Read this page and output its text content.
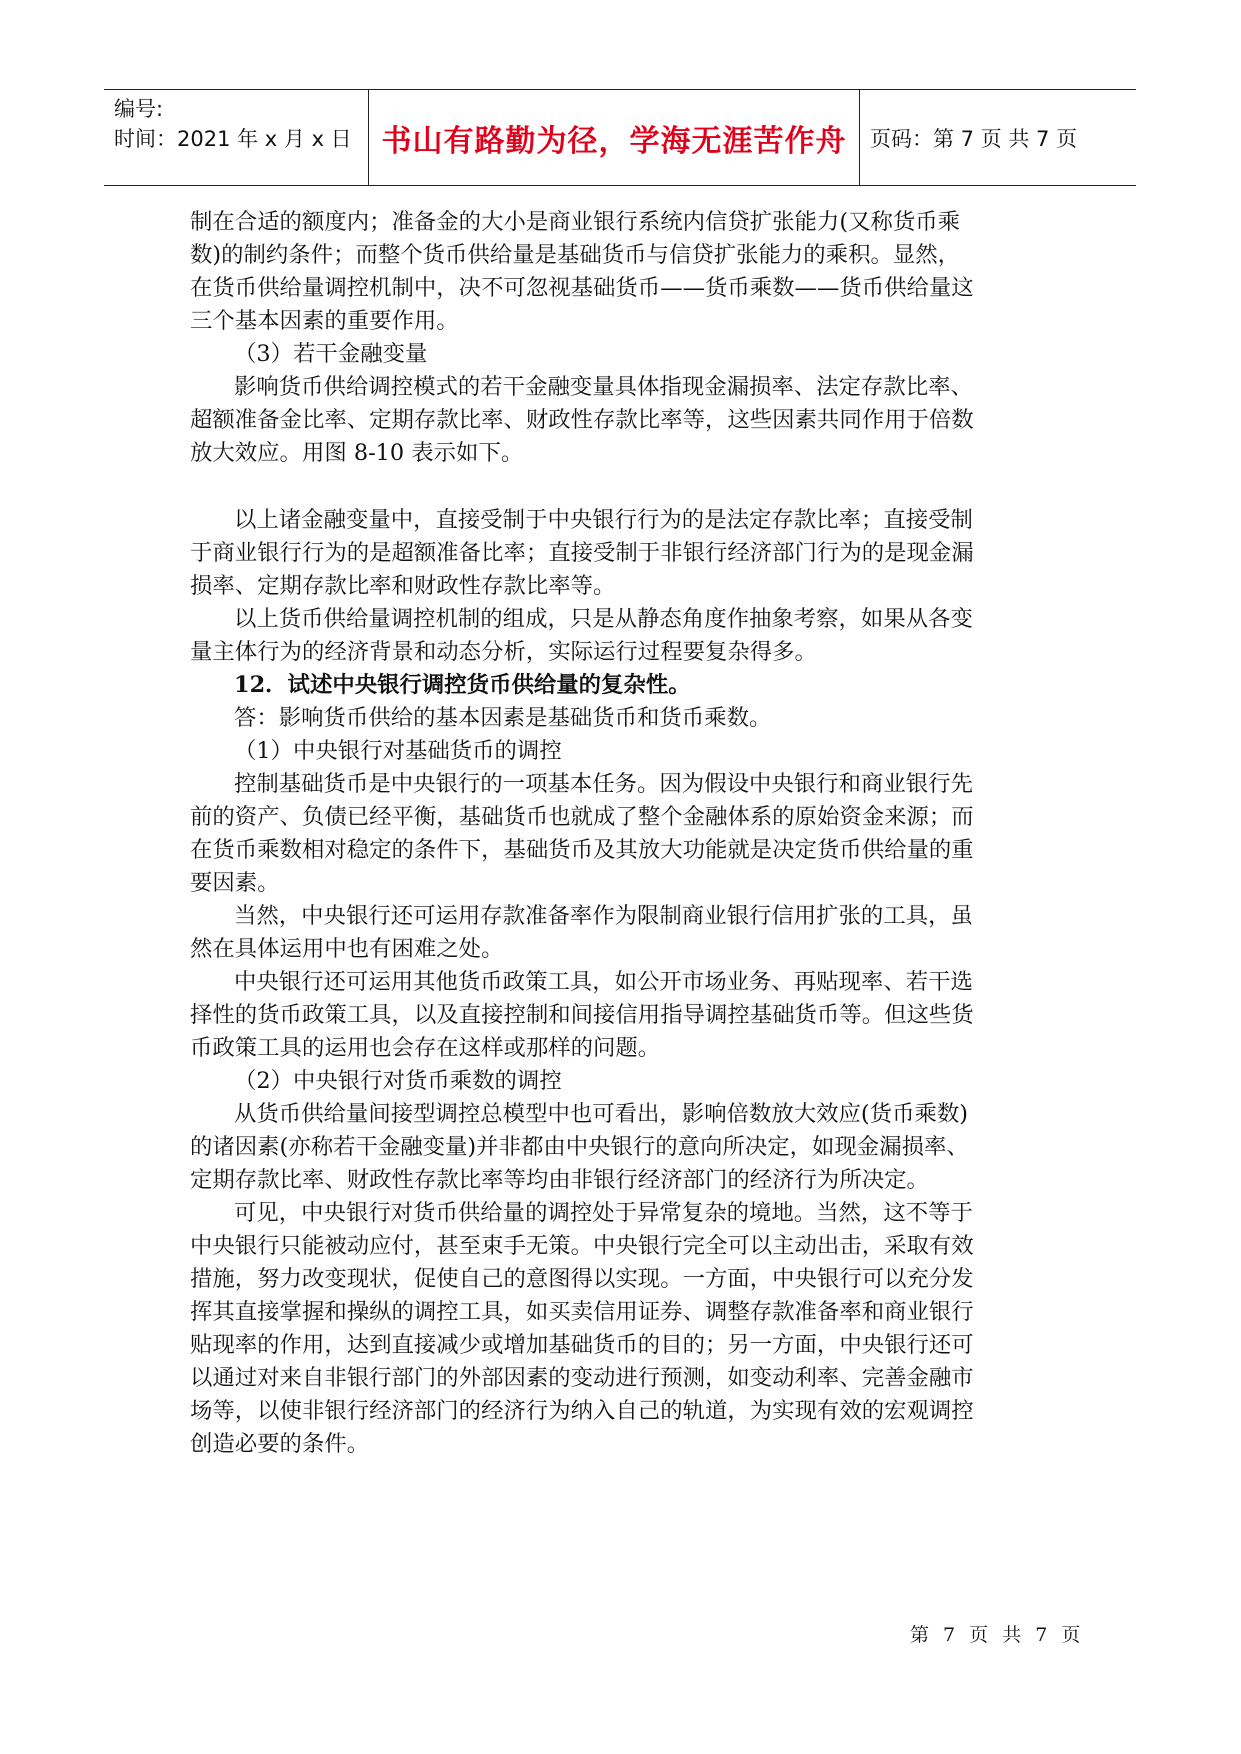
编号:
时间：2021 年 x 月 x 日 书山有路勤为径，学海无涯苦作舟	页码：第 7 页 共 7 页

制在合适的额度内；准备金的大小是商业银行系统内信贷扩张能力(又称货币乘

数)的制约条件；而整个货币供给量是基础货币与信贷扩张能力的乘积。显然，

在货币供给量调控机制中，决不可忽视基础货币——货币乘数——货币供给量这

三个基本因素的重要作用。

（3）若干金融变量

影响货币供给调控模式的若干金融变量具体指现金漏损率、法定存款比率、

超额准备金比率、定期存款比率、财政性存款比率等，这些因素共同作用于倍数

放大效应。用图 8-10 表示如下。

以上诸金融变量中，直接受制于中央银行行为的是法定存款比率；直接受制

于商业银行行为的是超额准备比率；直接受制于非银行经济部门行为的是现金漏

损率、定期存款比率和财政性存款比率等。

以上货币供给量调控机制的组成，只是从静态角度作抽象考察，如果从各变

量主体行为的经济背景和动态分析，实际运行过程要复杂得多。

12．试述中央银行调控货币供给量的复杂性。

答：影响货币供给的基本因素是基础货币和货币乘数。

（1）中央银行对基础货币的调控

控制基础货币是中央银行的一项基本任务。因为假设中央银行和商业银行先

前的资产、负债已经平衡，基础货币也就成了整个金融体系的原始资金来源；而

在货币乘数相对稳定的条件下，基础货币及其放大功能就是决定货币供给量的重

要因素。

当然，中央银行还可运用存款准备率作为限制商业银行信用扩张的工具，虽

然在具体运用中也有困难之处。

中央银行还可运用其他货币政策工具，如公开市场业务、再贴现率、若干选

择性的货币政策工具，以及直接控制和间接信用指导调控基础货币等。但这些货

币政策工具的运用也会存在这样或那样的问题。

（2）中央银行对货币乘数的调控

从货币供给量间接型调控总模型中也可看出，影响倍数放大效应(货币乘数)

的诸因素(亦称若干金融变量)并非都由中央银行的意向所决定，如现金漏损率、

定期存款比率、财政性存款比率等均由非银行经济部门的经济行为所决定。

可见，中央银行对货币供给量的调控处于异常复杂的境地。当然，这不等于

中央银行只能被动应付，甚至束手无策。中央银行完全可以主动出击，采取有效

措施，努力改变现状，促使自己的意图得以实现。一方面，中央银行可以充分发

挥其直接掌握和操纵的调控工具，如买卖信用证券、调整存款准备率和商业银行

贴现率的作用，达到直接减少或增加基础货币的目的；另一方面，中央银行还可

以通过对来自非银行部门的外部因素的变动进行预测，如变动利率、完善金融市

场等，以使非银行经济部门的经济行为纳入自己的轨道，为实现有效的宏观调控

创造必要的条件。

第 7 页 共 7 页
